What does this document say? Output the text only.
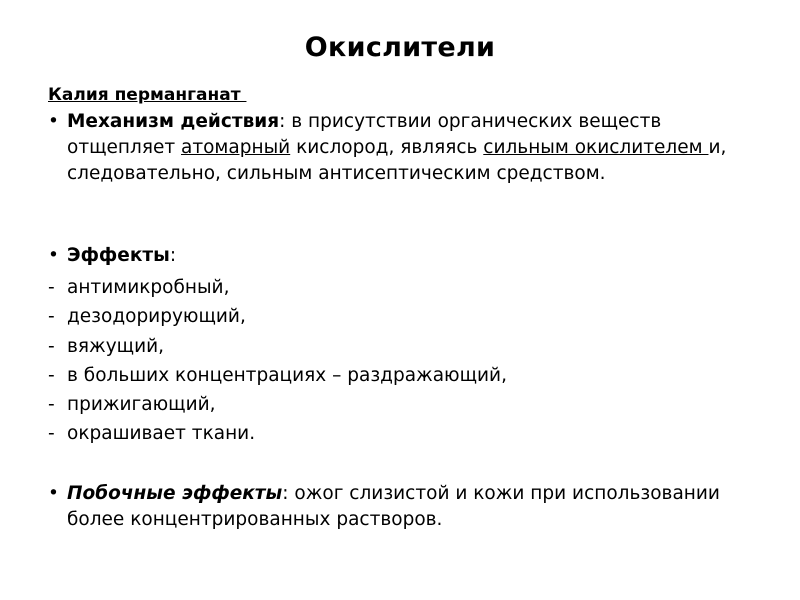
Окислители
Калия перманганат
• Механизм действия: в присутствии органических веществ отщепляет атомарный кислород, являясь сильным окислителем и, следовательно, сильным антисептическим средством.
• Эффекты:
- антимикробный,
- дезодорирующий,
- вяжущий,
- в больших концентрациях – раздражающий,
- прижигающий,
- окрашивает ткани.
• Побочные эффекты: ожог слизистой и кожи при использовании более концентрированных растворов.
